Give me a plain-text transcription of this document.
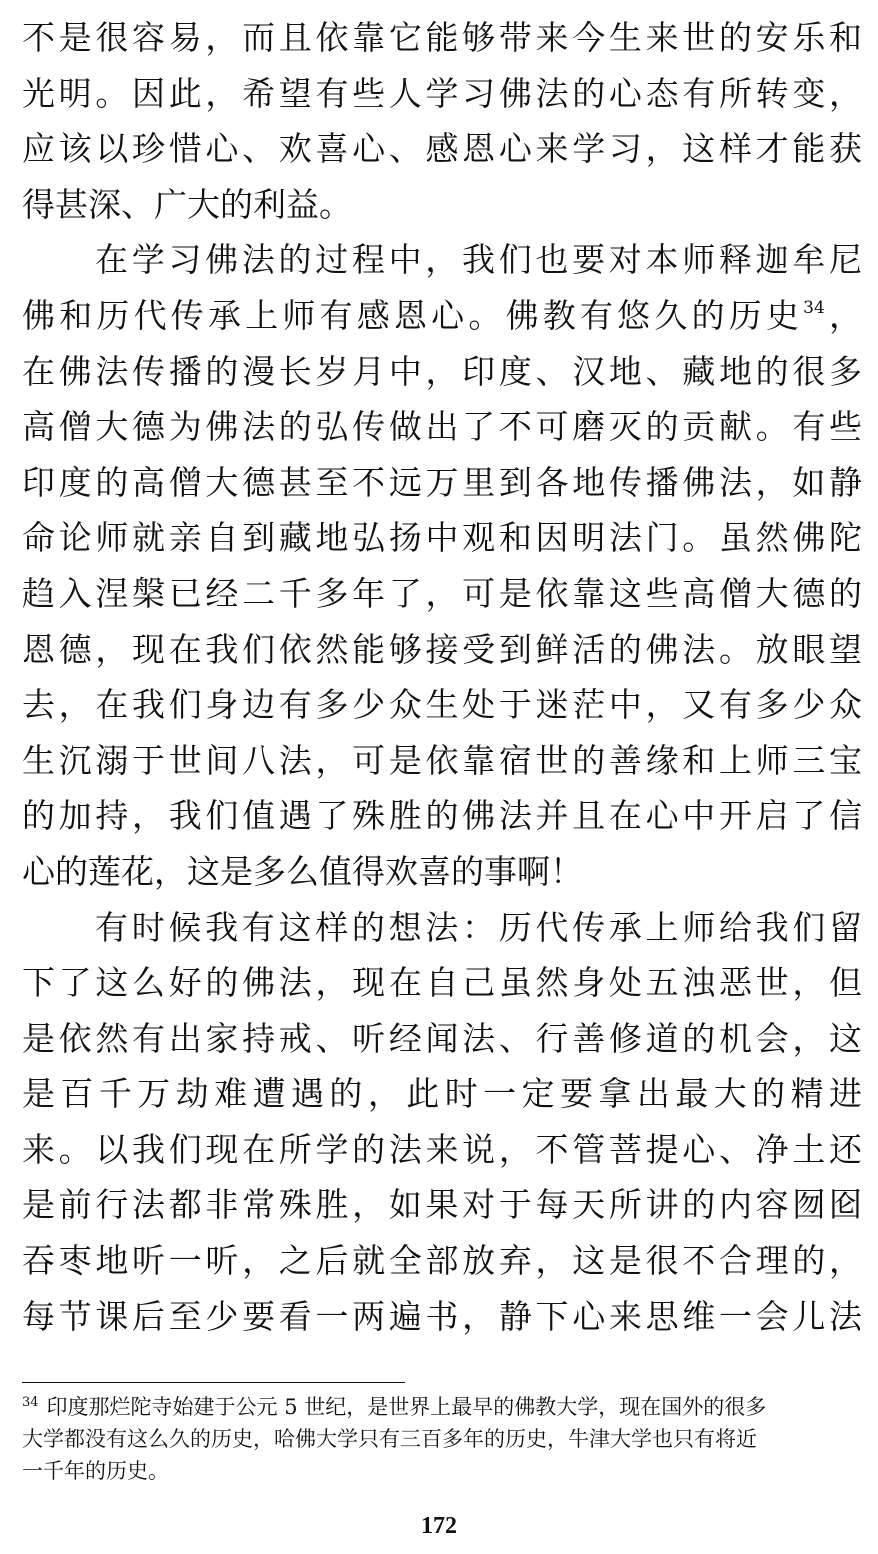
不是很容易，而且依靠它能够带来今生来世的安乐和
光明。因此，希望有些人学习佛法的心态有所转变，
应该以珍惜心、欢喜心、感恩心来学习，这样才能获
得甚深、广大的利益。
在学习佛法的过程中，我们也要对本师释迦牟尼
佛和历代传承上师有感恩心。佛教有悠久的历史$^{34}$，
在佛法传播的漫长岁月中，印度、汉地、藏地的很多
高僧大德为佛法的弘传做出了不可磨灭的贡献。有些
印度的高僧大德甚至不远万里到各地传播佛法，如静
命论师就亲自到藏地弘扬中观和因明法门。虽然佛陀
趋入涅槃已经二千多年了，可是依靠这些高僧大德的
恩德，现在我们依然能够接受到鲜活的佛法。放眼望
去，在我们身边有多少众生处于迷茫中，又有多少众
生沉溺于世间八法，可是依靠宿世的善缘和上师三宝
的加持，我们值遇了殊胜的佛法并且在心中开启了信
心的莲花，这是多么值得欢喜的事啊！
有时候我有这样的想法：历代传承上师给我们留
下了这么好的佛法，现在自己虽然身处五浊恶世，但
是依然有出家持戒、听经闻法、行善修道的机会，这
是百千万劫难遭遇的，此时一定要拿出最大的精进
来。以我们现在所学的法来说，不管菩提心、净土还
是前行法都非常殊胜，如果对于每天所讲的内容囫囵
吞枣地听一听，之后就全部放弃，这是很不合理的，
每节课后至少要看一两遍书，静下心来思维一会儿法
$^{34}$ 印度那烂陀寺始建于公元 5 世纪，是世界上最早的佛教大学，现在国外的很多
大学都没有这么久的历史，哈佛大学只有三百多年的历史，牛津大学也只有将近
一千年的历史。
172
